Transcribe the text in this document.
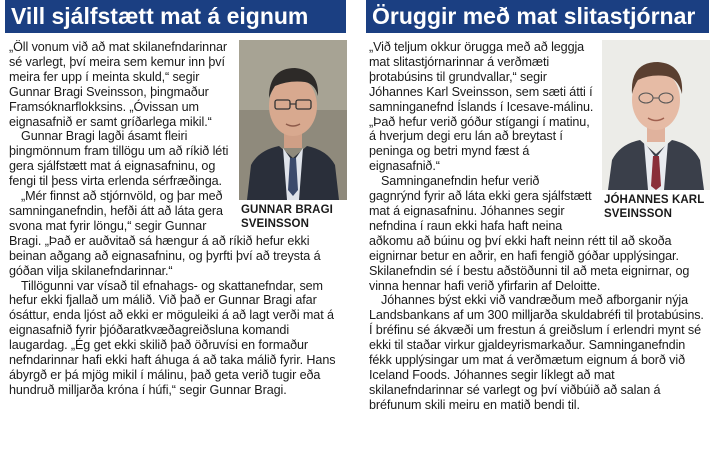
Vill sjálfstætt mat á eignum
GUNNAR BRAGI
SVEINSSON

„Öll vonum við að mat skilanefndarinnar sé varlegt, því meira sem kemur inn því meira fer upp í meinta skuld,“ segir Gunnar Bragi Sveinsson, þingmaður Framsóknarflokksins. „Óvissan um eignasafnið er samt gríðarlega mikil.“

Gunnar Bragi lagði ásamt fleiri þingmönnum fram tillögu um að ríkið léti gera sjálfstætt mat á eignasafninu, og fengi til þess virta erlenda sérfræðinga.

„Mér finnst að stjórnvöld, og þar með samninganefndin, hefði átt að láta gera svona mat fyrir löngu,“ segir Gunnar Bragi. „Það er auðvitað sá hængur á að ríkið hefur ekki beinan aðgang að eignasafninu, og þyrfti því að treysta á góðan vilja skilanefndarinnar.“

Tillögunni var vísað til efnahags- og skattanefndar, sem hefur ekki fjallað um málið. Við það er Gunnar Bragi afar ósáttur, enda ljóst að ekki er möguleiki á að lagt verði mat á eignasafnið fyrir þjóðaratkvæðagreiðsluna komandi laugardag. „Ég get ekki skilið það öðruvísi en formaður nefndarinnar hafi ekki haft áhuga á að taka málið fyrir. Hans ábyrgð er þá mjög mikil í málinu, það geta verið tugir eða hundruð milljarða króna í húfi,“ segir Gunnar Bragi.

Öruggir með mat slitastjórnar
JÓHANNES KARL
SVEINSSON

„Við teljum okkur örugga með að leggja mat slitastjórnarinnar á verðmæti þrotabúsins til grundvallar,“ segir Jóhannes Karl Sveinsson, sem sæti átti í samninganefnd Íslands í Icesave-málinu. „Það hefur verið góður stígangi í matinu, á hverjum degi eru lán að breytast í peninga og betri mynd fæst á eignasafnið.“

Samninganefndin hefur verið gagnrýnd fyrir að láta ekki gera sjálfstætt mat á eignasafninu. Jóhannes segir nefndina í raun ekki hafa haft neina aðkomu að búinu og því ekki haft neinn rétt til að skoða eignirnar betur en aðrir, en hafi fengið góðar upplýsingar. Skilanefndin sé í bestu aðstöðunni til að meta eignirnar, og vinna hennar hafi verið yfirfarin af Deloitte.

Jóhannes býst ekki við vandræðum með afborganir nýja Landsbankans af um 300 milljarða skuldabréfi til þrotabúsins. Í bréfinu sé ákvæði um frestun á greiðslum í erlendri mynt sé ekki til staðar virkur gjaldeyrismarkaður. Samninganefndin fékk upplýsingar um mat á verðmætum eignum á borð við Iceland Foods. Jóhannes segir líklegt að mat skilanefndarinnar sé varlegt og því viðbúið að salan á bréfunum skili meiru en matið bendi til.
